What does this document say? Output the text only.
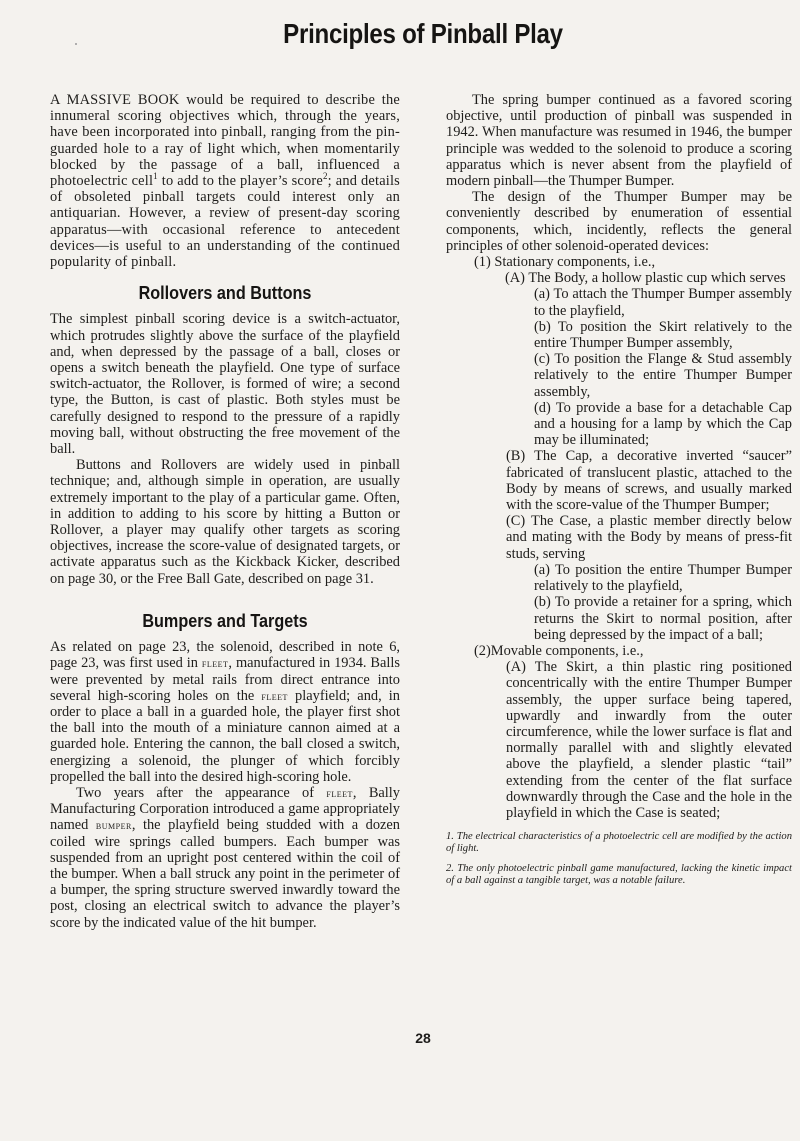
Principles of Pinball Play

A MASSIVE BOOK would be required to describe the innumeral scoring objectives which, through the years, have been incorporated into pinball, ranging from the pin-guarded hole to a ray of light which, when momentarily blocked by the passage of a ball, influenced a photoelectric cell$^1$ to add to the player’s score$^2$; and details of obsoleted pinball targets could interest only an antiquarian. However, a review of present-day scoring apparatus—with occasional reference to antecedent devices—is useful to an understanding of the continued popularity of pinball.

Rollovers and Buttons

The simplest pinball scoring device is a switch-actuator, which protrudes slightly above the surface of the playfield and, when depressed by the passage of a ball, closes or opens a switch beneath the playfield. One type of surface switch-actuator, the Rollover, is formed of wire; a second type, the Button, is cast of plastic. Both styles must be carefully designed to respond to the pressure of a rapidly moving ball, without obstructing the free movement of the ball.

Buttons and Rollovers are widely used in pinball technique; and, although simple in operation, are usually extremely important to the play of a particular game. Often, in addition to adding to his score by hitting a Button or Rollover, a player may qualify other targets as scoring objectives, increase the score-value of designated targets, or activate apparatus such as the Kickback Kicker, described on page 30, or the Free Ball Gate, described on page 31.

Bumpers and Targets

As related on page 23, the solenoid, described in note 6, page 23, was first used in fleet, manufactured in 1934. Balls were prevented by metal rails from direct entrance into several high-scoring holes on the fleet playfield; and, in order to place a ball in a guarded hole, the player first shot the ball into the mouth of a miniature cannon aimed at a guarded hole. Entering the cannon, the ball closed a switch, energizing a solenoid, the plunger of which forcibly propelled the ball into the desired high-scoring hole.

Two years after the appearance of fleet, Bally Manufacturing Corporation introduced a game appropriately named bumper, the playfield being studded with a dozen coiled wire springs called bumpers. Each bumper was suspended from an upright post centered within the coil of the bumper. When a ball struck any point in the perimeter of a bumper, the spring structure swerved inwardly toward the post, closing an electrical switch to advance the player’s score by the indicated value of the hit bumper.

The spring bumper continued as a favored scoring objective, until production of pinball was suspended in 1942. When manufacture was resumed in 1946, the bumper principle was wedded to the solenoid to produce a scoring apparatus which is never absent from the playfield of modern pinball—the Thumper Bumper.

The design of the Thumper Bumper may be conveniently described by enumeration of essential components, which, incidently, reflects the general principles of other solenoid-operated devices:

(1) Stationary components, i.e.,

(A) The Body, a hollow plastic cup which serves

(a) To attach the Thumper Bumper assembly to the playfield,

(b) To position the Skirt relatively to the entire Thumper Bumper assembly,

(c) To position the Flange & Stud assembly relatively to the entire Thumper Bumper assembly,

(d) To provide a base for a detachable Cap and a housing for a lamp by which the Cap may be illuminated;

(B) The Cap, a decorative inverted “saucer” fabricated of translucent plastic, attached to the Body by means of screws, and usually marked with the score-value of the Thumper Bumper;

(C) The Case, a plastic member directly below and mating with the Body by means of press-fit studs, serving

(a) To position the entire Thumper Bumper relatively to the playfield,

(b) To provide a retainer for a spring, which returns the Skirt to normal position, after being depressed by the impact of a ball;

(2)Movable components, i.e.,

(A) The Skirt, a thin plastic ring positioned concentrically with the entire Thumper Bumper assembly, the upper surface being tapered, upwardly and inwardly from the outer circumference, while the lower surface is flat and normally parallel with and slightly elevated above the playfield, a slender plastic “tail” extending from the center of the flat surface downwardly through the Case and the hole in the playfield in which the Case is seated;

1. The electrical characteristics of a photoelectric cell are modified by the action of light.

2. The only photoelectric pinball game manufactured, lacking the kinetic impact of a ball against a tangible target, was a notable failure.

28
